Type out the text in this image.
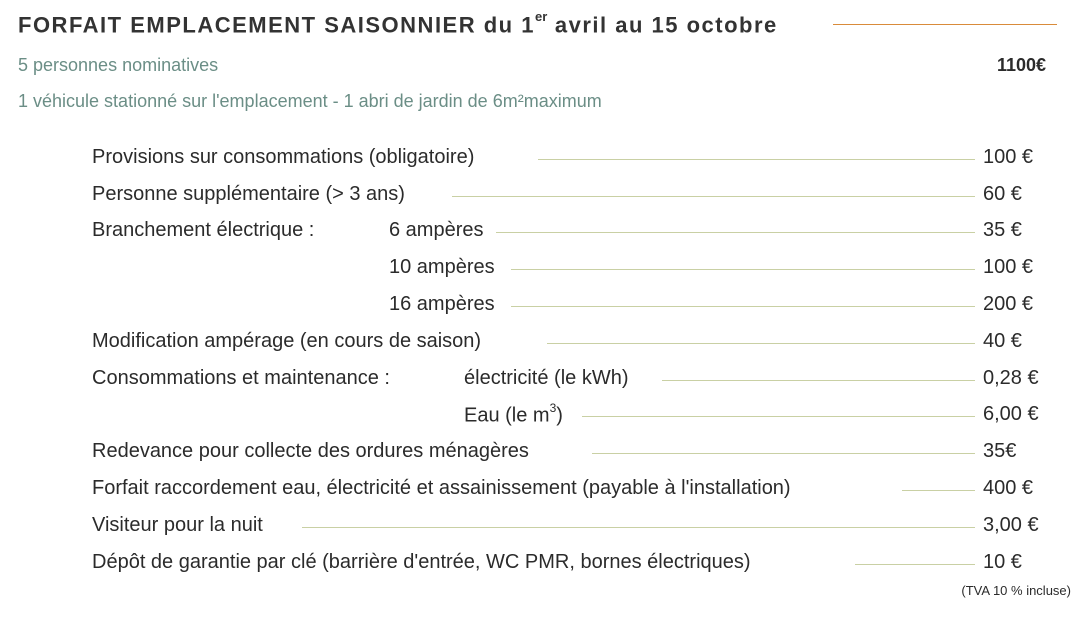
FORFAIT EMPLACEMENT SAISONNIER du 1er avril au 15 octobre
5 personnes nominatives	1100€
1 véhicule stationné sur l'emplacement - 1 abri de jardin de 6m²maximum
Provisions sur consommations (obligatoire)	100 €
Personne supplémentaire (> 3 ans)	60 €
Branchement électrique :	6 ampères	35 €
10 ampères	100 €
16 ampères	200 €
Modification ampérage (en cours de saison)	40 €
Consommations et maintenance :	électricité (le kWh)	0,28 €
Eau (le $m^3$)	6,00 €
Redevance pour collecte des ordures ménagères	35€
Forfait raccordement eau, électricité et assainissement (payable à l'installation)	400 €
Visiteur pour la nuit	3,00 €
Dépôt de garantie par clé (barrière d'entrée, WC PMR, bornes électriques)	10 €
(TVA 10 % incluse)
